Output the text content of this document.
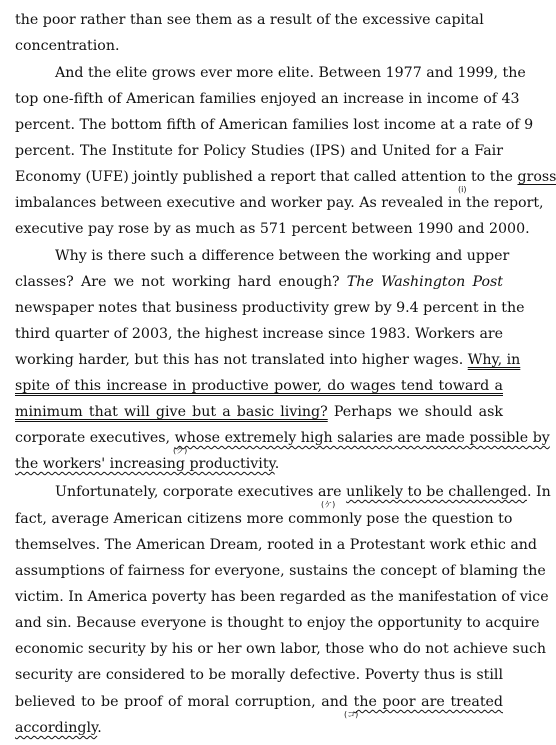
the poor rather than see them as a result of the excessive capital
concentration.
And the elite grows ever more elite. Between 1977 and 1999, the
top one-fifth of American families enjoyed an increase in income of 43
percent. The bottom fifth of American families lost income at a rate of 9
percent. The Institute for Policy Studies (IPS) and United for a Fair
Economy (UFE) jointly published a report that called attention to the gross
(i)
imbalances between executive and worker pay. As revealed in the report,
executive pay rose by as much as 571 percent between 1990 and 2000.
Why is there such a difference between the working and upper
classes? Are we not working hard enough? The Washington Post
newspaper notes that business productivity grew by 9.4 percent in the
third quarter of 2003, the highest increase since 1983. Workers are
working harder, but this has not translated into higher wages. Why, in
spite of this increase in productive power, do wages tend toward a
minimum that will give but a basic living? Perhaps we should ask
corporate executives, whose extremely high salaries are made possible by
(ク)
the workers' increasing productivity.
Unfortunately, corporate executives are unlikely to be challenged. In
(ケ)
fact, average American citizens more commonly pose the question to
themselves. The American Dream, rooted in a Protestant work ethic and
assumptions of fairness for everyone, sustains the concept of blaming the
victim. In America poverty has been regarded as the manifestation of vice
and sin. Because everyone is thought to enjoy the opportunity to acquire
economic security by his or her own labor, those who do not achieve such
security are considered to be morally defective. Poverty thus is still
believed to be proof of moral corruption, and the poor are treated
(コ)
accordingly.
